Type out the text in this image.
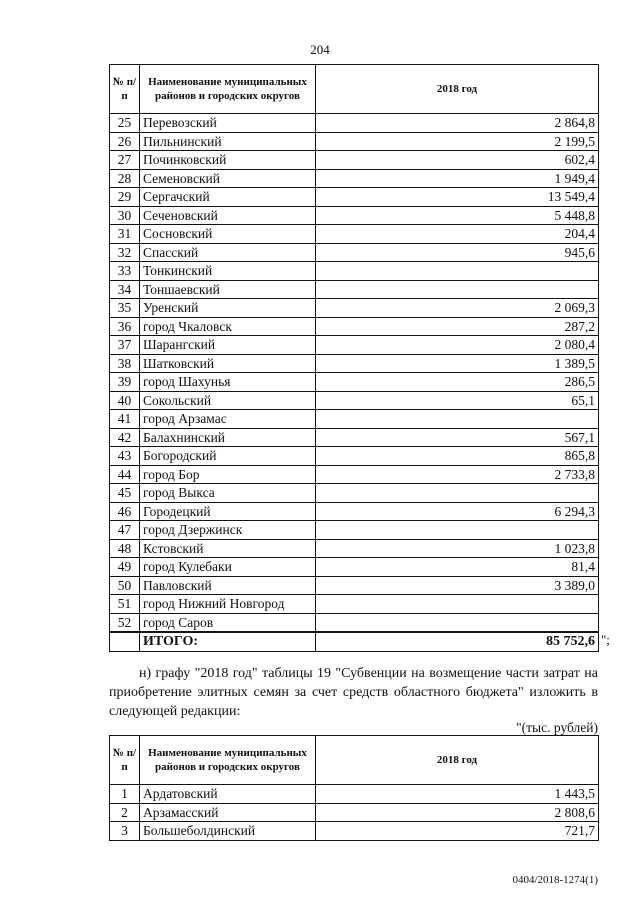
204
№ п/п	Наименование муниципальных районов и городских округов	2018 год
25	Перевозский	2 864,8
26	Пильнинский	2 199,5
27	Починковский	602,4
28	Семеновский	1 949,4
29	Сергачский	13 549,4
30	Сеченовский	5 448,8
31	Сосновский	204,4
32	Спасский	945,6
33	Тонкинский	
34	Тоншаевский	
35	Уренский	2 069,3
36	город Чкаловск	287,2
37	Шарангский	2 080,4
38	Шатковский	1 389,5
39	город Шахунья	286,5
40	Сокольский	65,1
41	город Арзамас	
42	Балахнинский	567,1
43	Богородский	865,8
44	город Бор	2 733,8
45	город Выкса	
46	Городецкий	6 294,3
47	город Дзержинск	
48	Кстовский	1 023,8
49	город Кулебаки	81,4
50	Павловский	3 389,0
51	город Нижний Новгород	
52	город Саров	
	ИТОГО:	85 752,6 ";

н) графу "2018 год" таблицы 19 "Субвенции на возмещение части затрат на приобретение элитных семян за счет средств областного бюджета" изложить в следующей редакции:

"(тыс. рублей)
№ п/п	Наименование муниципальных районов и городских округов	2018 год
1	Ардатовский	1 443,5
2	Арзамасский	2 808,6
3	Большеболдинский	721,7
0404/2018-1274(1)
